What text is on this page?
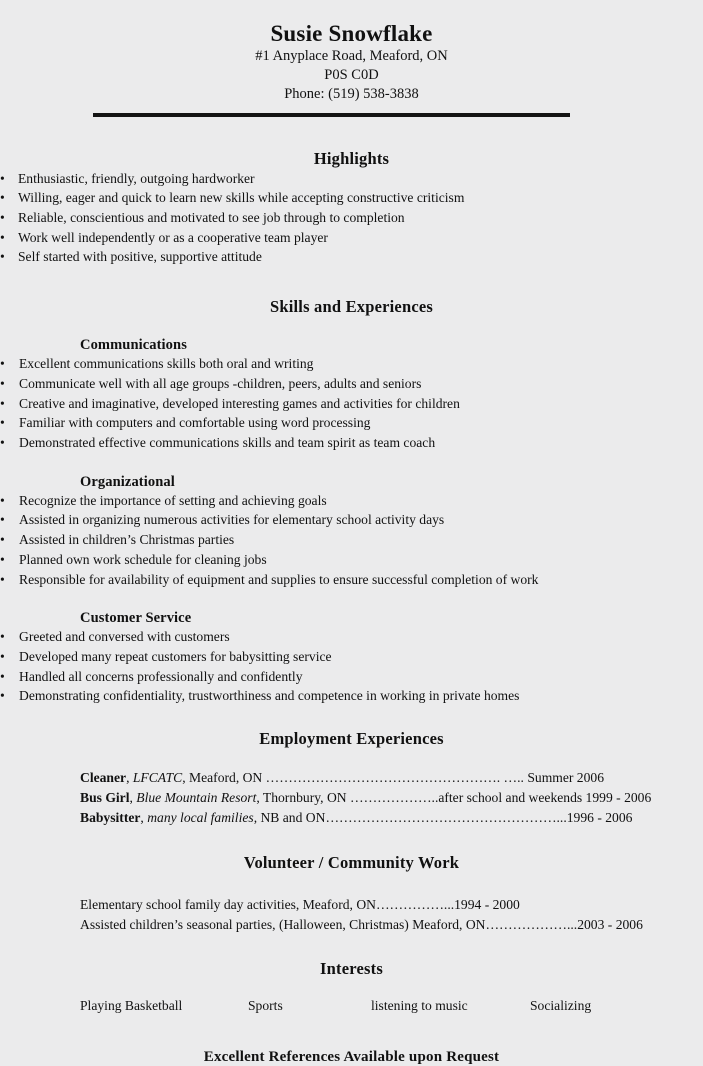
Susie Snowflake
#1 Anyplace Road, Meaford, ON
P0S C0D
Phone: (519) 538-3838
Highlights
• Enthusiastic, friendly, outgoing hardworker
• Willing, eager and quick to learn new skills while accepting constructive criticism
• Reliable, conscientious and motivated to see job through to completion
• Work well independently or as a cooperative team player
• Self started with positive, supportive attitude
Skills and Experiences
Communications
• Excellent communications skills both oral and writing
• Communicate well with all age groups -children, peers, adults and seniors
• Creative and imaginative, developed interesting games and activities for children
• Familiar with computers and comfortable using word processing
• Demonstrated effective communications skills and team spirit as team coach
Organizational
• Recognize the importance of setting and achieving goals
• Assisted in organizing numerous activities for elementary school activity days
• Assisted in children’s Christmas parties
• Planned own work schedule for cleaning jobs
• Responsible for availability of equipment and supplies to ensure successful completion of work
Customer Service
• Greeted and conversed with customers
• Developed many repeat customers for babysitting service
• Handled all concerns professionally and confidently
• Demonstrating confidentiality, trustworthiness and competence in working in private homes
Employment Experiences
Cleaner, LFCATC, Meaford, ON ……………………………………………. ….. Summer 2006
Bus Girl, Blue Mountain Resort, Thornbury, ON ………………..after school and weekends 1999 - 2006
Babysitter, many local families, NB and ON……………………………………………...1996 - 2006
Volunteer / Community Work
Elementary school family day activities, Meaford, ON……………...1994 - 2000
Assisted children’s seasonal parties, (Halloween, Christmas) Meaford, ON………………...2003 - 2006
Interests
Playing Basketball	Sports	listening to music	Socializing
Excellent References Available upon Request
